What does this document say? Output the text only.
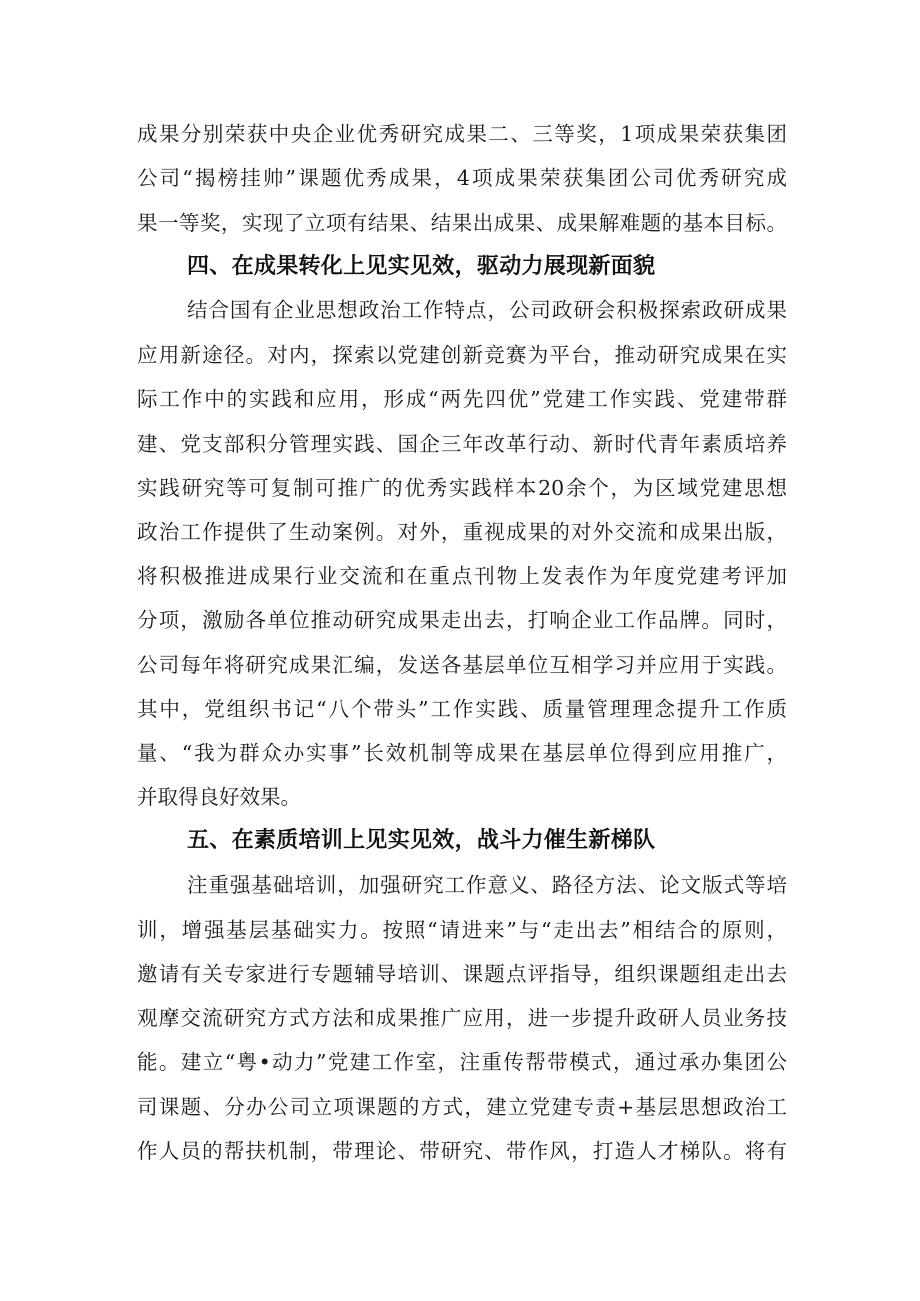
成果分别荣获中央企业优秀研究成果二、三等奖，1项成果荣获集团
公司“揭榜挂帅”课题优秀成果，4项成果荣获集团公司优秀研究成
果一等奖，实现了立项有结果、结果出成果、成果解难题的基本目标。
四、在成果转化上见实见效，驱动力展现新面貌
结合国有企业思想政治工作特点，公司政研会积极探索政研成果
应用新途径。对内，探索以党建创新竞赛为平台，推动研究成果在实
际工作中的实践和应用，形成“两先四优”党建工作实践、党建带群
建、党支部积分管理实践、国企三年改革行动、新时代青年素质培养
实践研究等可复制可推广的优秀实践样本20余个，为区域党建思想
政治工作提供了生动案例。对外，重视成果的对外交流和成果出版，
将积极推进成果行业交流和在重点刊物上发表作为年度党建考评加
分项，激励各单位推动研究成果走出去，打响企业工作品牌。同时，
公司每年将研究成果汇编，发送各基层单位互相学习并应用于实践。
其中，党组织书记“八个带头”工作实践、质量管理理念提升工作质
量、“我为群众办实事”长效机制等成果在基层单位得到应用推广，
并取得良好效果。
五、在素质培训上见实见效，战斗力催生新梯队
注重强基础培训，加强研究工作意义、路径方法、论文版式等培
训，增强基层基础实力。按照“请进来”与“走出去”相结合的原则，
邀请有关专家进行专题辅导培训、课题点评指导，组织课题组走出去
观摩交流研究方式方法和成果推广应用，进一步提升政研人员业务技
能。建立“粤•动力”党建工作室，注重传帮带模式，通过承办集团公
司课题、分办公司立项课题的方式，建立党建专责+基层思想政治工
作人员的帮扶机制，带理论、带研究、带作风，打造人才梯队。将有
